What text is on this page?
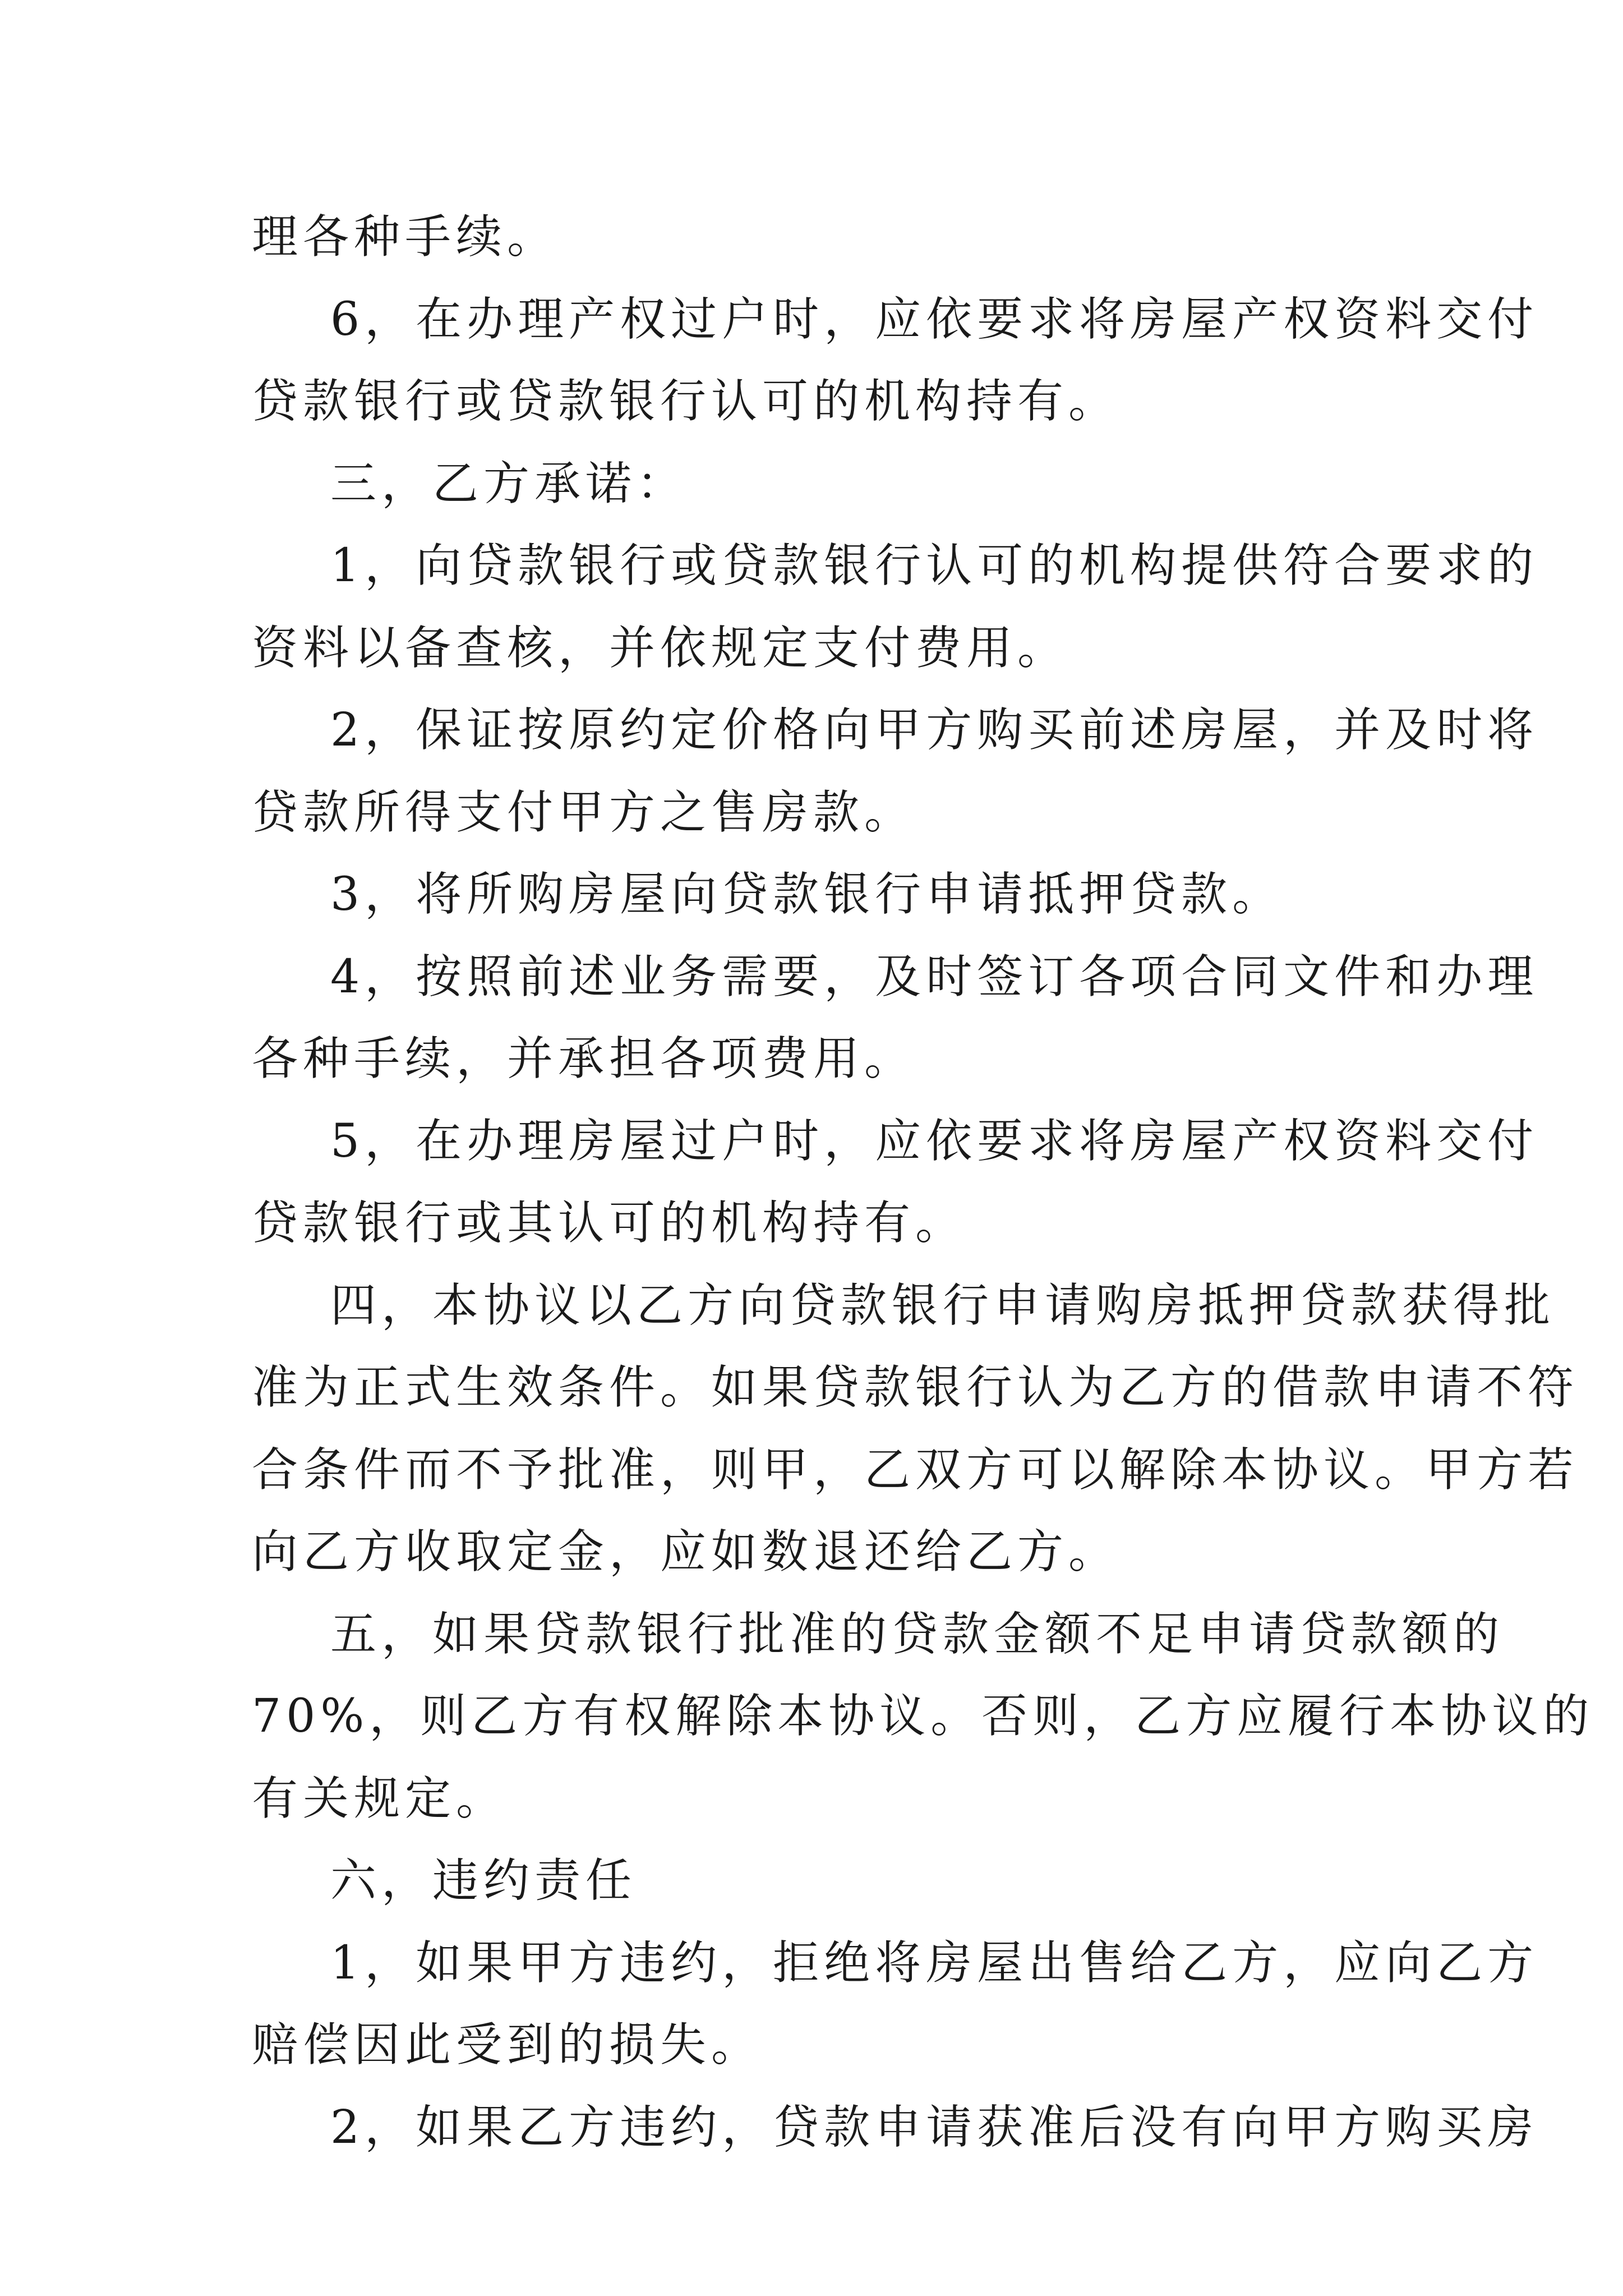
理各种手续。
6，在办理产权过户时，应依要求将房屋产权资料交付
贷款银行或贷款银行认可的机构持有。
三，乙方承诺：
1，向贷款银行或贷款银行认可的机构提供符合要求的
资料以备查核，并依规定支付费用。
2，保证按原约定价格向甲方购买前述房屋，并及时将
贷款所得支付甲方之售房款。
3，将所购房屋向贷款银行申请抵押贷款。
4，按照前述业务需要，及时签订各项合同文件和办理
各种手续，并承担各项费用。
5，在办理房屋过户时，应依要求将房屋产权资料交付
贷款银行或其认可的机构持有。
四，本协议以乙方向贷款银行申请购房抵押贷款获得批
准为正式生效条件。如果贷款银行认为乙方的借款申请不符
合条件而不予批准，则甲，乙双方可以解除本协议。甲方若
向乙方收取定金，应如数退还给乙方。
五，如果贷款银行批准的贷款金额不足申请贷款额的
70%，则乙方有权解除本协议。否则，乙方应履行本协议的
有关规定。
六，违约责任
1，如果甲方违约，拒绝将房屋出售给乙方，应向乙方
赔偿因此受到的损失。
2，如果乙方违约，贷款申请获准后没有向甲方购买房
